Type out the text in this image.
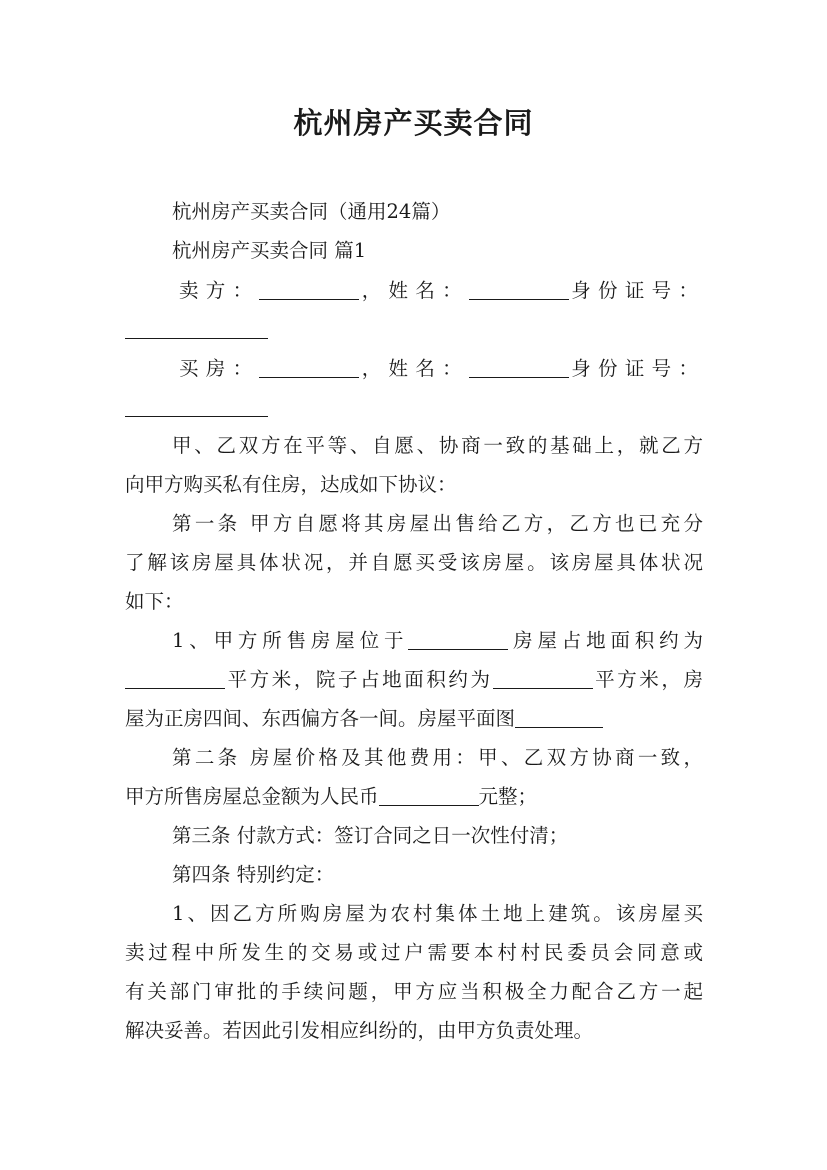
杭州房产买卖合同
杭州房产买卖合同（通用24篇）
杭州房产买卖合同 篇1
卖方：	，姓名：	身份证号：
买房：	，姓名：	身份证号：
甲、乙双方在平等、自愿、协商一致的基础上，就乙方
向甲方购买私有住房，达成如下协议：
第一条 甲方自愿将其房屋出售给乙方，乙方也已充分
了解该房屋具体状况，并自愿买受该房屋。该房屋具体状况
如下：
1、甲方所售房屋位于	房屋占地面积约为
平方米，院子占地面积约为	平方米，房
屋为正房四间、东西偏方各一间。房屋平面图
第二条 房屋价格及其他费用：甲、乙双方协商一致，
甲方所售房屋总金额为人民币	元整；
第三条 付款方式：签订合同之日一次性付清；
第四条 特别约定：
1、因乙方所购房屋为农村集体土地上建筑。该房屋买
卖过程中所发生的交易或过户需要本村村民委员会同意或
有关部门审批的手续问题，甲方应当积极全力配合乙方一起
解决妥善。若因此引发相应纠纷的，由甲方负责处理。
